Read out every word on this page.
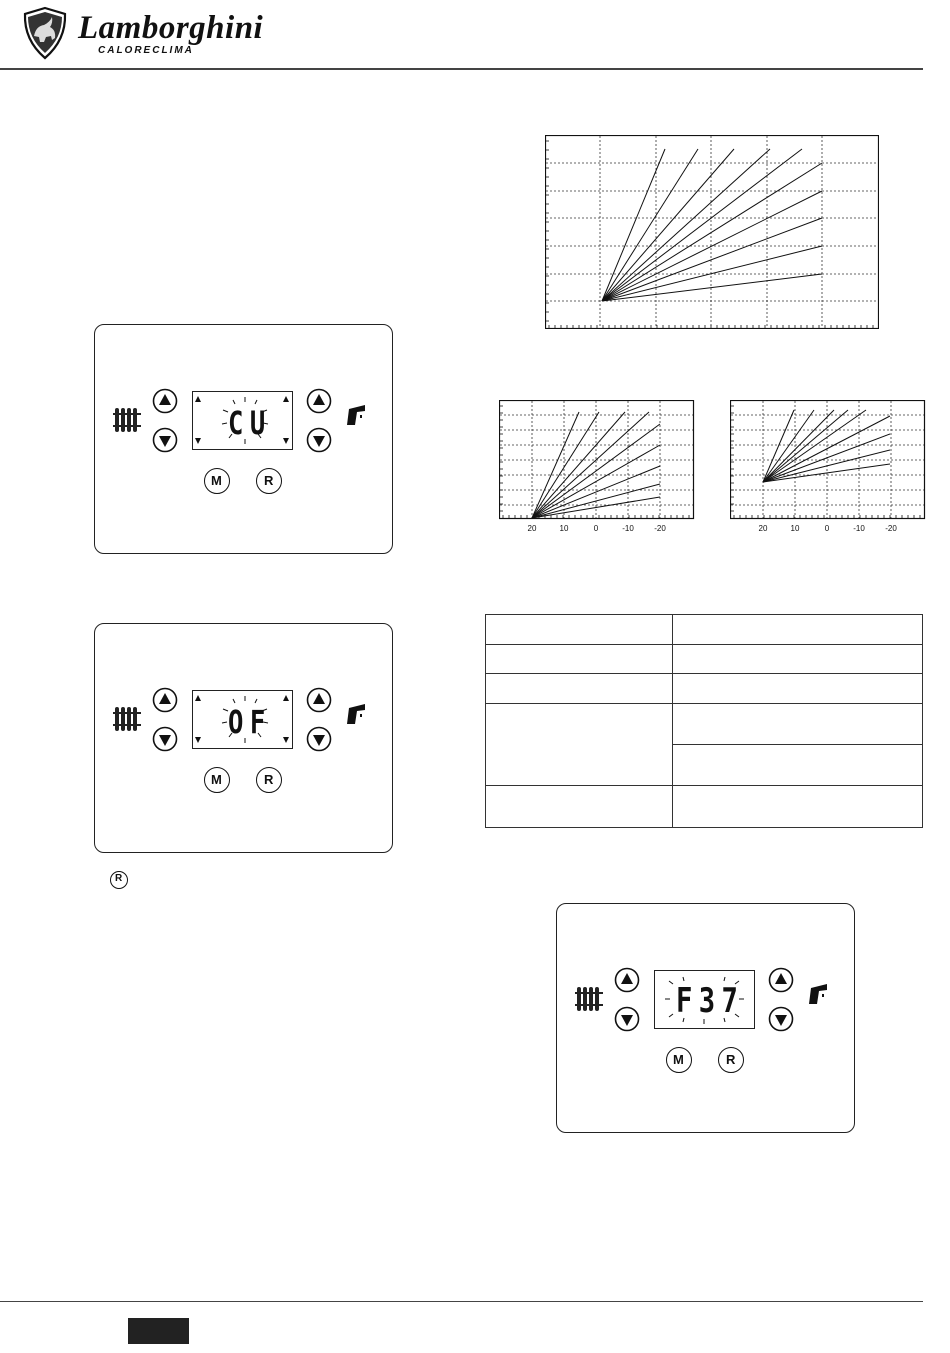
Lamborghini
CALORECLIMA
CU
M	R
OF
M	R
R
F37
M	R
20	10	0	-10	-20	20	10	0	-10	-20
